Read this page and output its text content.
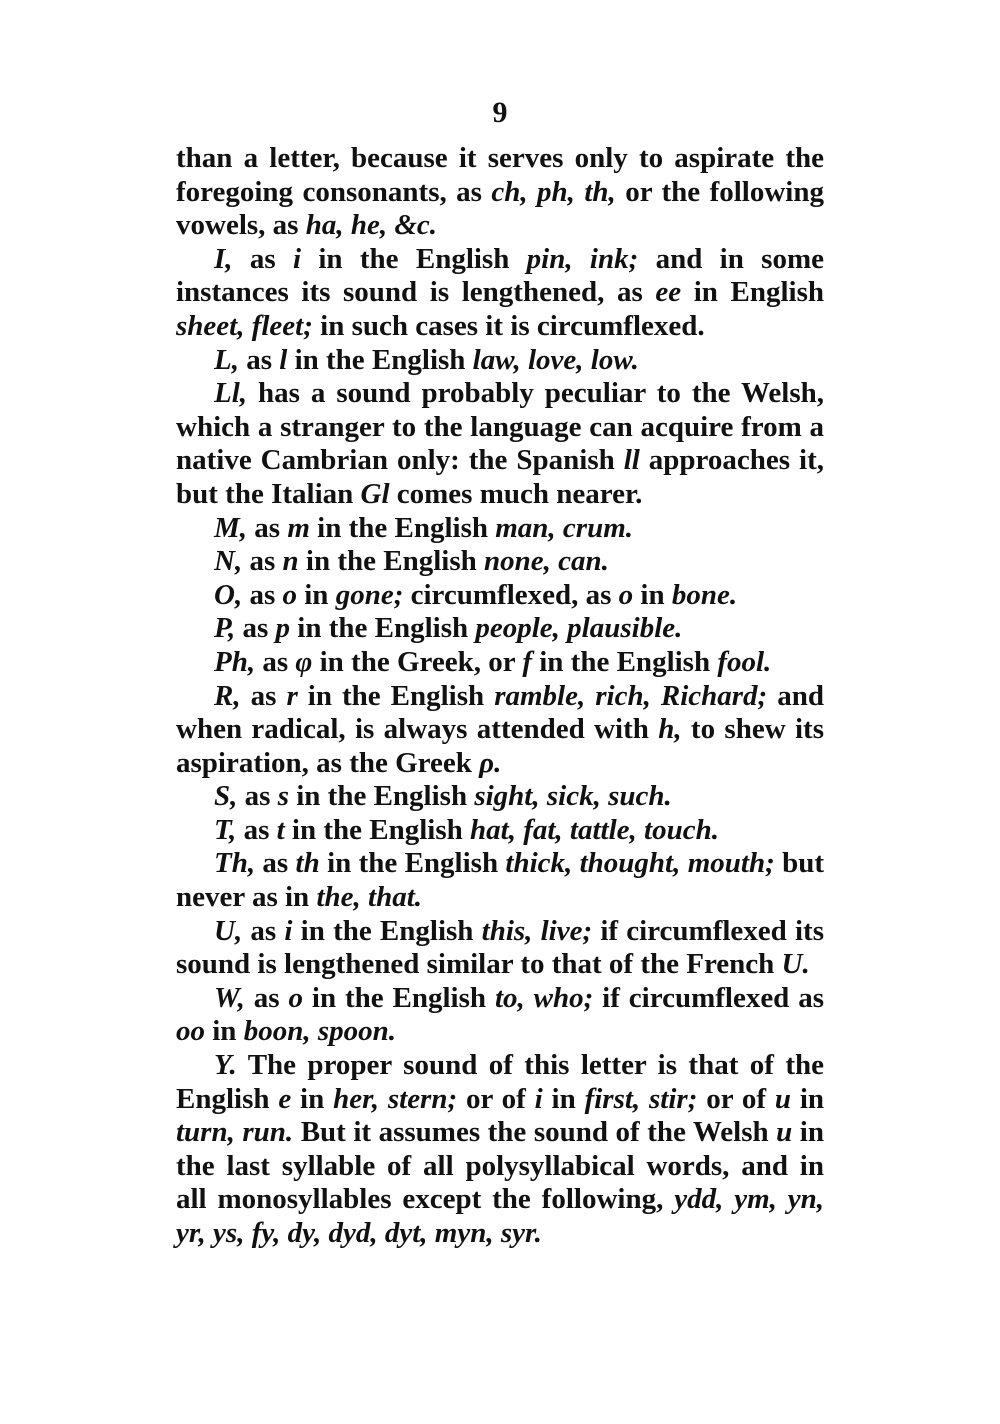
9

than a letter, because it serves only to aspirate the foregoing consonants, as ch, ph, th, or the following vowels, as ha, he, &c.

I, as i in the English pin, ink; and in some instances its sound is lengthened, as ee in English sheet, fleet; in such cases it is circumflexed.

L, as l in the English law, love, low.

Ll, has a sound probably peculiar to the Welsh, which a stranger to the language can acquire from a native Cambrian only: the Spanish ll approaches it, but the Italian Gl comes much nearer.

M, as m in the English man, crum.

N, as n in the English none, can.

O, as o in gone; circumflexed, as o in bone.

P, as p in the English people, plausible.

Ph, as φ in the Greek, or f in the English fool.

R, as r in the English ramble, rich, Richard; and when radical, is always attended with h, to shew its aspiration, as the Greek ρ.

S, as s in the English sight, sick, such.

T, as t in the English hat, fat, tattle, touch.

Th, as th in the English thick, thought, mouth; but never as in the, that.

U, as i in the English this, live; if circumflexed its sound is lengthened similar to that of the French U.

W, as o in the English to, who; if circumflexed as oo in boon, spoon.

Y. The proper sound of this letter is that of the English e in her, stern; or of i in first, stir; or of u in turn, run. But it assumes the sound of the Welsh u in the last syllable of all polysyllabical words, and in all monosyllables except the following, ydd, ym, yn, yr, ys, fy, dy, dyd, dyt, myn, syr.
